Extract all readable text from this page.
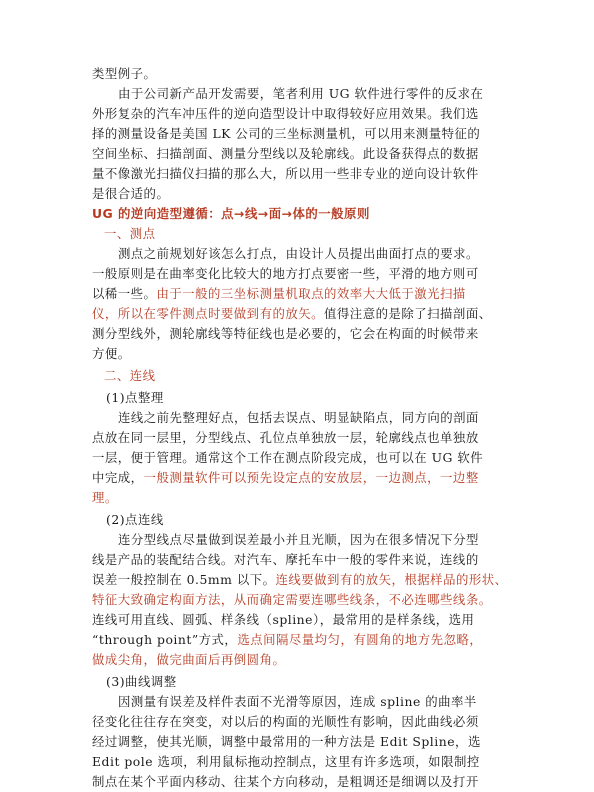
类型例子。
由于公司新产品开发需要，笔者利用 UG 软件进行零件的反求在
外形复杂的汽车冲压件的逆向造型设计中取得较好应用效果。我们选
择的测量设备是美国 LK 公司的三坐标测量机，可以用来测量特征的
空间坐标、扫描剖面、测量分型线以及轮廓线。此设备获得点的数据
量不像激光扫描仪扫描的那么大，所以用一些非专业的逆向设计软件
是很合适的。
UG 的逆向造型遵循：点→线→面→体的一般原则
一、测点
测点之前规划好该怎么打点，由设计人员提出曲面打点的要求。
一般原则是在曲率变化比较大的地方打点要密一些，平滑的地方则可
以稀一些。由于一般的三坐标测量机取点的效率大大低于激光扫描
仪，所以在零件测点时要做到有的放矢。值得注意的是除了扫描剖面、
测分型线外，测轮廓线等特征线也是必要的，它会在构面的时候带来
方便。
二、连线
(1)点整理
连线之前先整理好点，包括去误点、明显缺陷点，同方向的剖面
点放在同一层里，分型线点、孔位点单独放一层，轮廓线点也单独放
一层，便于管理。通常这个工作在测点阶段完成，也可以在 UG 软件
中完成，一般测量软件可以预先设定点的安放层，一边测点，一边整
理。
(2)点连线
连分型线点尽量做到误差最小并且光顺，因为在很多情况下分型
线是产品的装配结合线。对汽车、摩托车中一般的零件来说，连线的
误差一般控制在 0.5mm 以下。连线要做到有的放矢，根据样品的形状、
特征大致确定构面方法，从而确定需要连哪些线条，不必连哪些线条。
连线可用直线、圆弧、样条线（spline），最常用的是样条线，选用
“through point”方式，选点间隔尽量均匀，有圆角的地方先忽略，
做成尖角，做完曲面后再倒圆角。
(3)曲线调整
因测量有误差及样件表面不光滑等原因，连成 spline 的曲率半
径变化往往存在突变，对以后的构面的光顺性有影响，因此曲线必须
经过调整，使其光顺，调整中最常用的一种方法是 Edit Spline，选
Edit pole 选项，利用鼠标拖动控制点，这里有许多选项，如限制控
制点在某个平面内移动、往某个方向移动，是粗调还是细调以及打开
